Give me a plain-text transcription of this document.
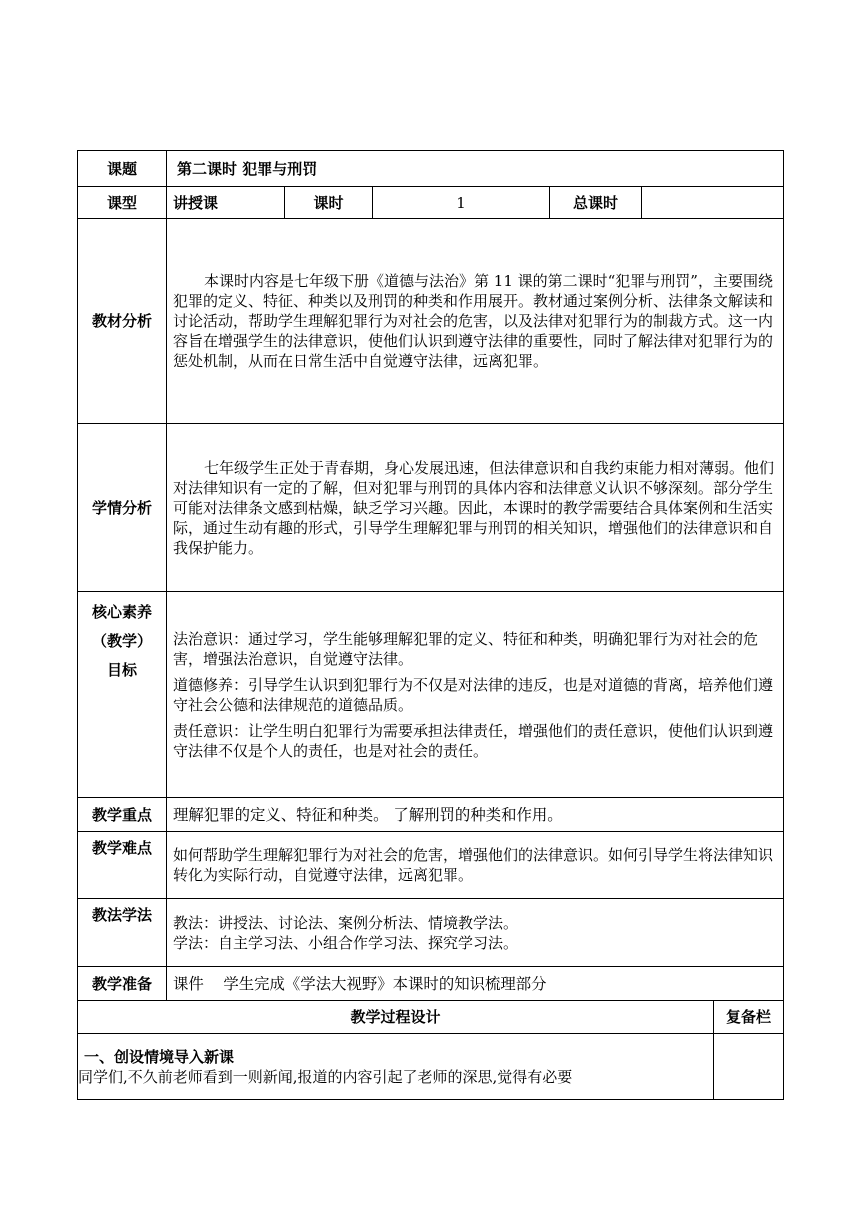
课题	第二课时 犯罪与刑罚					
课型	讲授课	课时	1	总课时		
教材分析	本课时内容是七年级下册《道德与法治》第 11 课的第二课时“犯罪与刑罚”，主要围绕犯罪的定义、特征、种类以及刑罚的种类和作用展开。教材通过案例分析、法律条文解读和讨论活动，帮助学生理解犯罪行为对社会的危害，以及法律对犯罪行为的制裁方式。这一内容旨在增强学生的法律意识，使他们认识到遵守法律的重要性，同时了解法律对犯罪行为的惩处机制，从而在日常生活中自觉遵守法律，远离犯罪。					
学情分析	七年级学生正处于青春期，身心发展迅速，但法律意识和自我约束能力相对薄弱。他们对法律知识有一定的了解，但对犯罪与刑罚的具体内容和法律意义认识不够深刻。部分学生可能对法律条文感到枯燥，缺乏学习兴趣。因此，本课时的教学需要结合具体案例和生活实际，通过生动有趣的形式，引导学生理解犯罪与刑罚的相关知识，增强他们的法律意识和自我保护能力。					

核心素养
（教学）
目标	法治意识：通过学习，学生能够理解犯罪的定义、特征和种类，明确犯罪行为对社会的危害，增强法治意识，自觉遵守法律。
道德修养：引导学生认识到犯罪行为不仅是对法律的违反，也是对道德的背离，培养他们遵守社会公德和法律规范的道德品质。
责任意识：让学生明白犯罪行为需要承担法律责任，增强他们的责任意识，使他们认识到遵守法律不仅是个人的责任，也是对社会的责任。					

教学重点	理解犯罪的定义、特征和种类。 了解刑罚的种类和作用。					
教学难点	如何帮助学生理解犯罪行为对社会的危害，增强他们的法律意识。如何引导学生将法律知识转化为实际行动，自觉遵守法律，远离犯罪。					
教法学法	教法：讲授法、讨论法、案例分析法、情境教学法。
学法：自主学习法、小组合作学习法、探究学习法。					

教学准备	课件    学生完成《学法大视野》本课时的知识梳理部分					
教学过程设计						复备栏

一、创设情境导入新课
同学们,不久前老师看到一则新闻,报道的内容引起了老师的深思,觉得有必要						
